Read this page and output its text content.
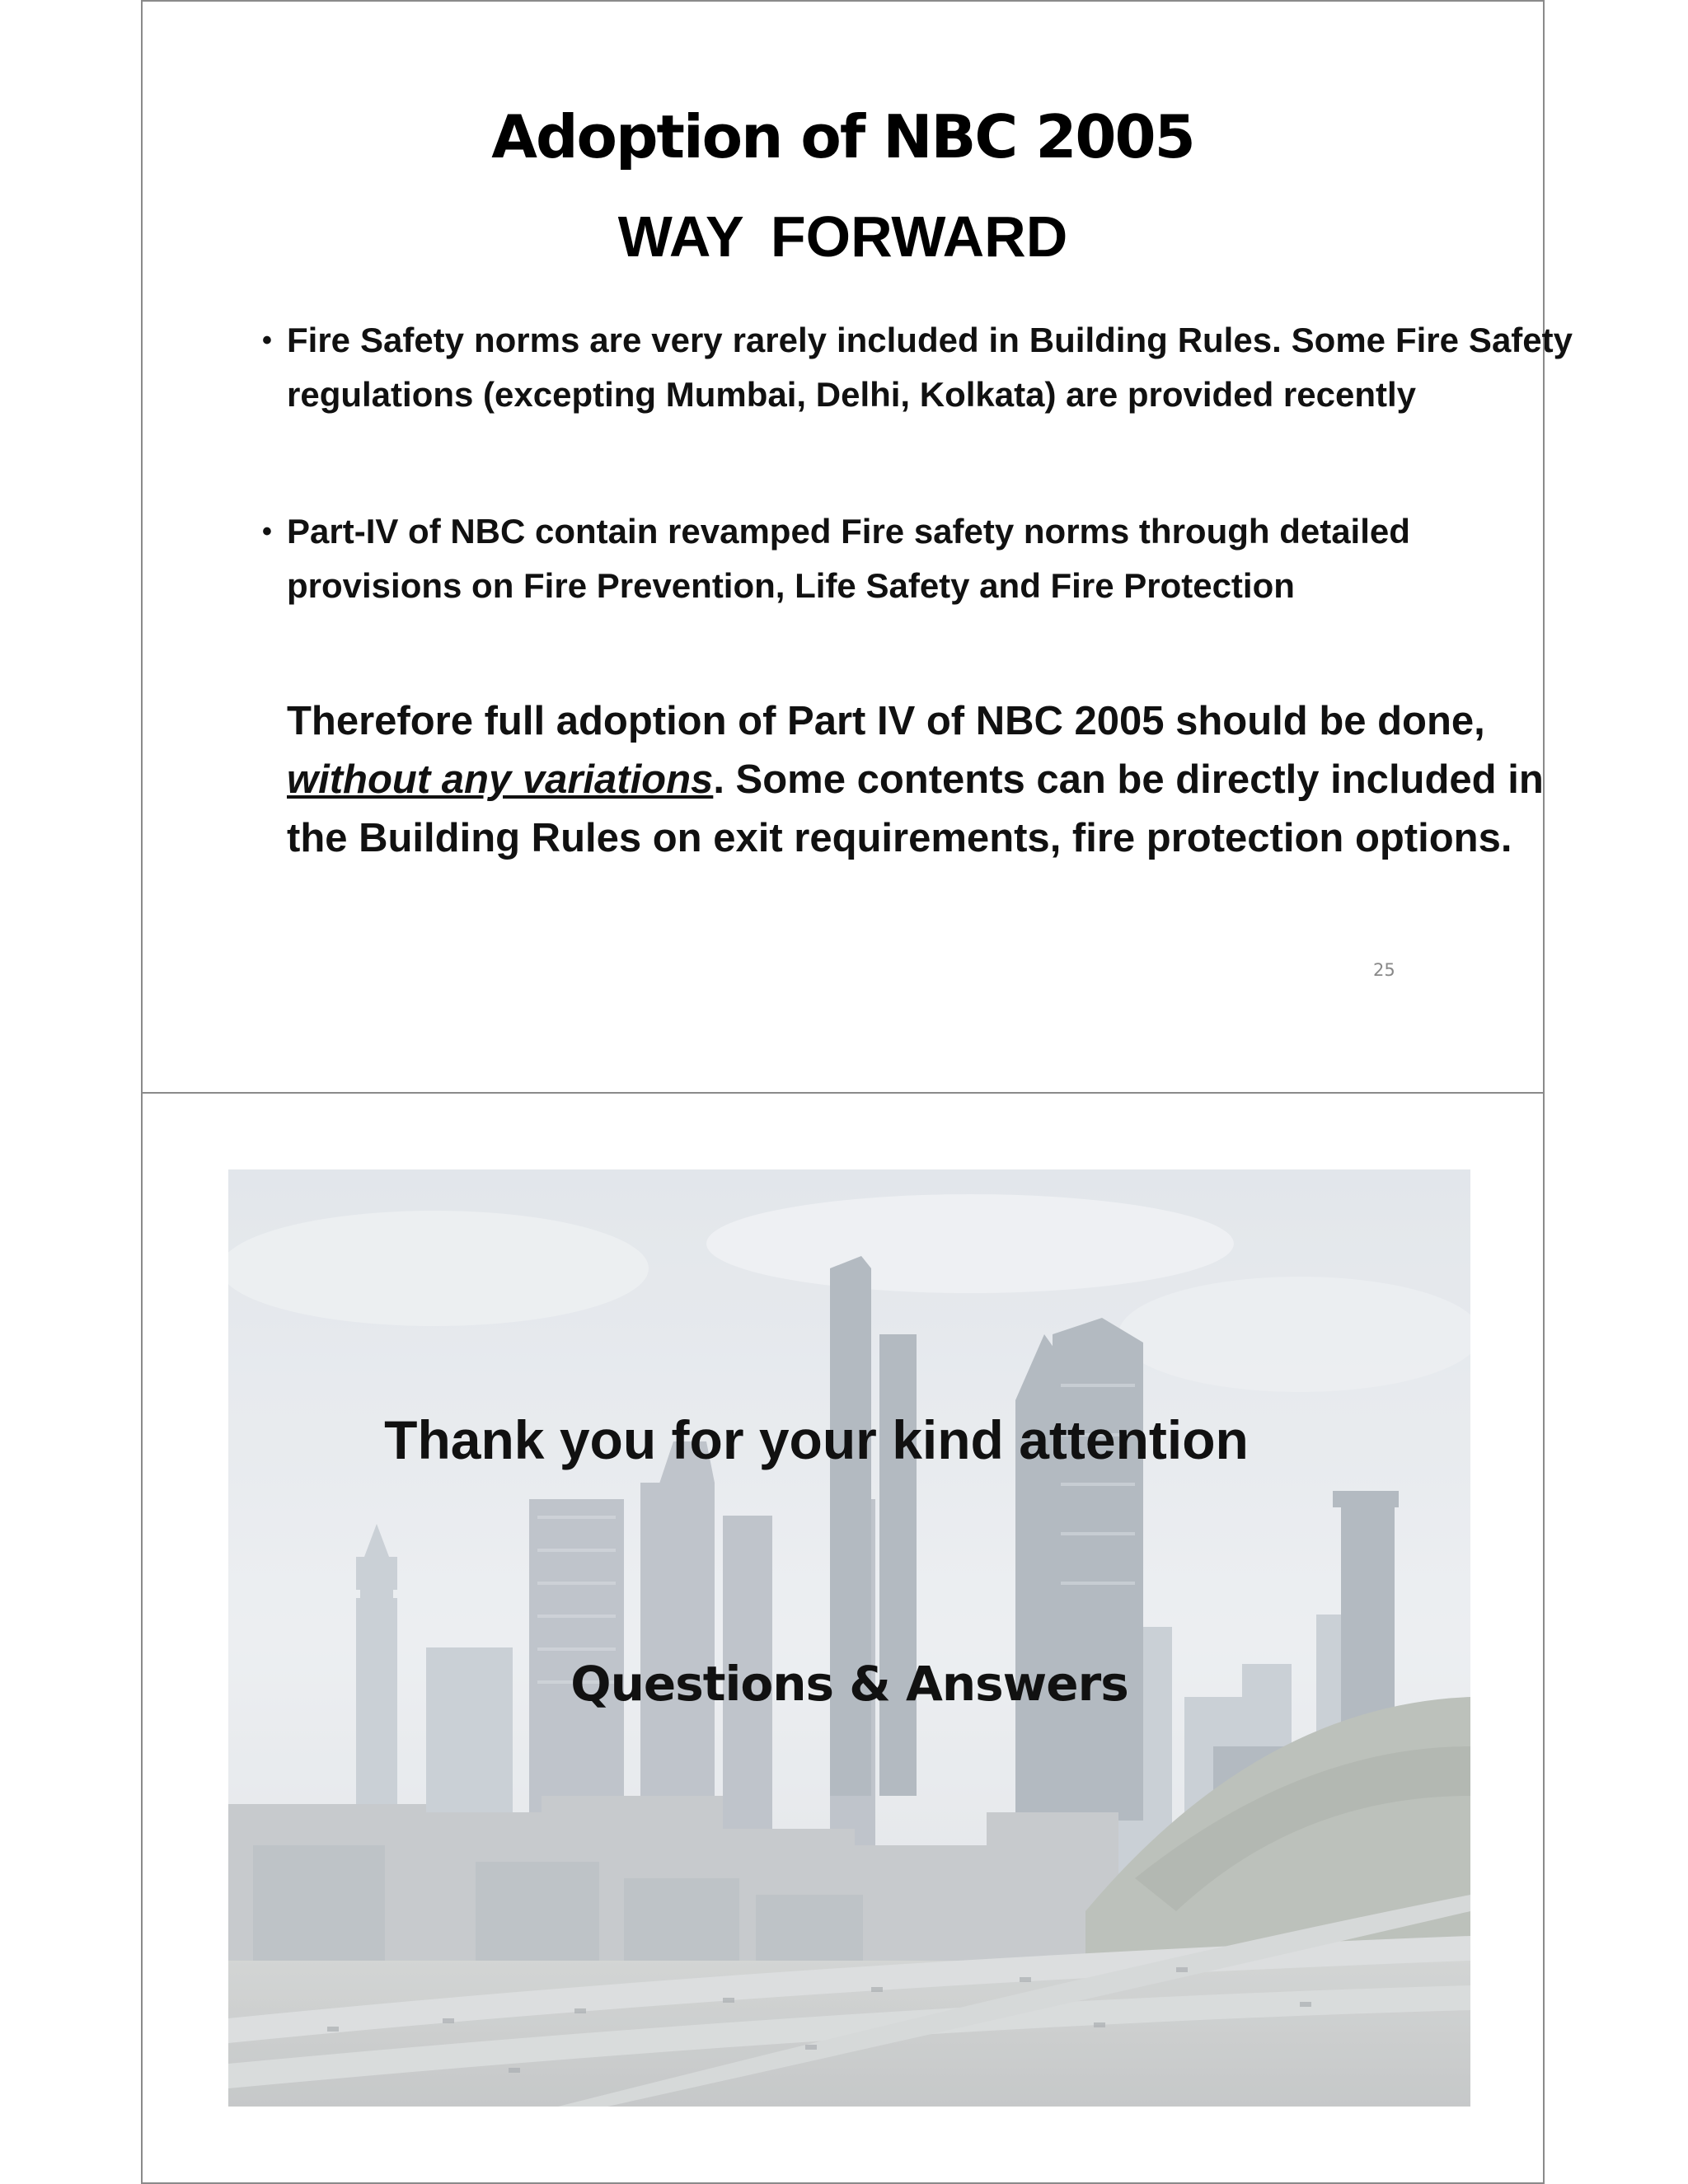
Adoption of NBC 2005
WAY FORWARD
• Fire Safety norms are very rarely included in Building Rules. Some Fire Safety regulations (excepting Mumbai, Delhi, Kolkata) are provided recently
• Part-IV of NBC contain revamped Fire safety norms through detailed provisions on Fire Prevention, Life Safety and Fire Protection
Therefore full adoption of Part IV of NBC 2005 should be done, without any variations. Some contents can be directly included in the Building Rules on exit requirements, fire protection options.
25
Thank you for your kind attention
Questions & Answers
